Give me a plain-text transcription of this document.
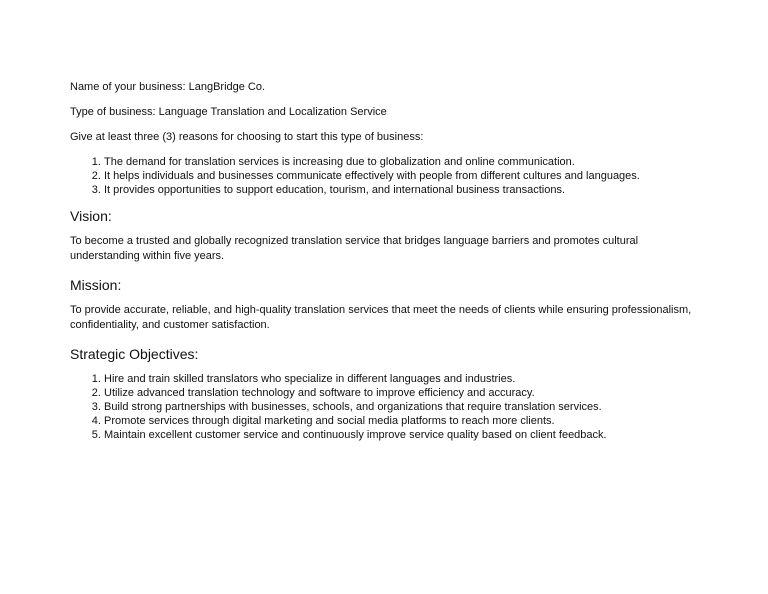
Name of your business: LangBridge Co.

Type of business: Language Translation and Localization Service

Give at least three (3) reasons for choosing to start this type of business:

1. The demand for translation services is increasing due to globalization and online communication.
2. It helps individuals and businesses communicate effectively with people from different cultures and languages.
3. It provides opportunities to support education, tourism, and international business transactions.
Vision:

To become a trusted and globally recognized translation service that bridges language barriers and promotes cultural understanding within five years.

Mission:

To provide accurate, reliable, and high-quality translation services that meet the needs of clients while ensuring professionalism, confidentiality, and customer satisfaction.

Strategic Objectives:
1. Hire and train skilled translators who specialize in different languages and industries.
2. Utilize advanced translation technology and software to improve efficiency and accuracy.
3. Build strong partnerships with businesses, schools, and organizations that require translation services.
4. Promote services through digital marketing and social media platforms to reach more clients.
5. Maintain excellent customer service and continuously improve service quality based on client feedback.
